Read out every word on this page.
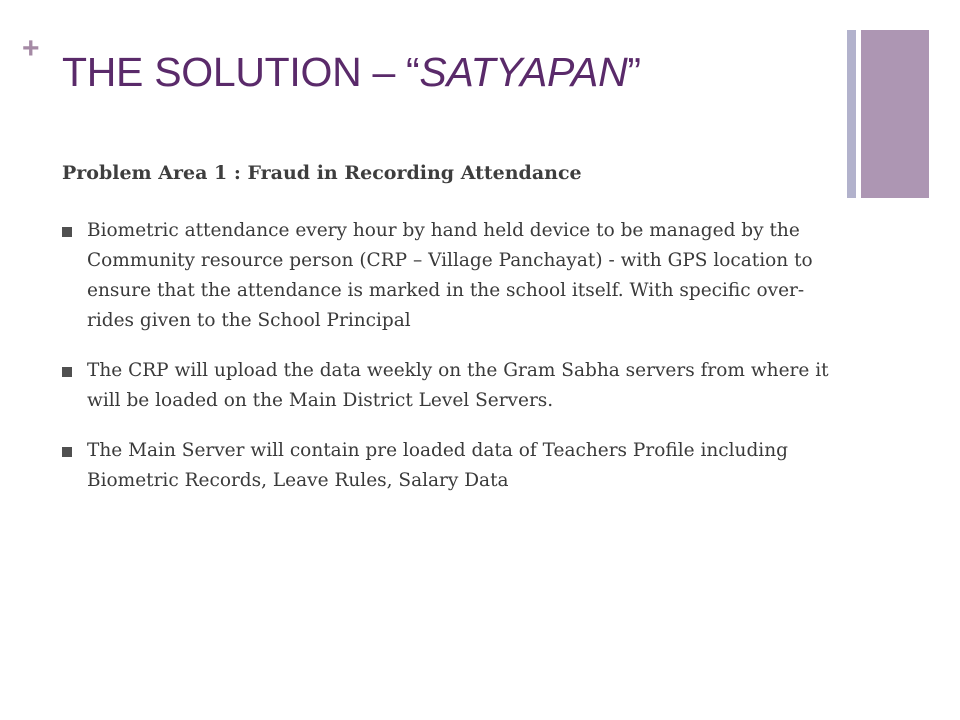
+
THE SOLUTION – “SATYAPAN”

Problem Area 1 : Fraud in Recording Attendance

Biometric attendance every hour by hand held device to be managed by the Community resource person (CRP – Village Panchayat) - with GPS location to ensure that the attendance is marked in the school itself. With specific over-rides given to the School Principal
The CRP will upload the data weekly on the Gram Sabha servers from where it will be loaded on the Main District Level Servers.
The Main Server will contain pre loaded data of Teachers Profile including Biometric Records, Leave Rules, Salary Data
